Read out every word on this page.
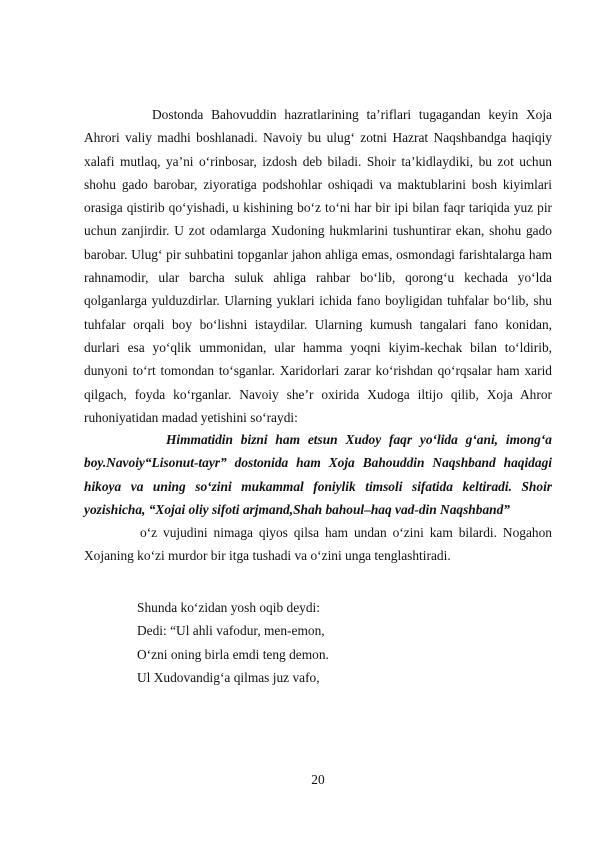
Dostonda Bahovuddin hazratlarining ta’riflari tugagandan keyin Xoja Ahrori valiy madhi boshlanadi. Navoiy bu ulug‘ zotni Hazrat Naqshbandga haqiqiy xalafi mutlaq, ya’ni o‘rinbosar, izdosh deb biladi. Shoir ta’kidlaydiki, bu zot uchun shohu gado barobar, ziyoratiga podshohlar oshiqadi va maktublarini bosh kiyimlari orasiga qistirib qo‘yishadi, u kishining bo‘z to‘ni har bir ipi bilan faqr tariqida yuz pir uchun zanjirdir. U zot odamlarga Xudoning hukmlarini tushuntirar ekan, shohu gado barobar. Ulug‘ pir suhbatini topganlar jahon ahliga emas, osmondagi farishtalarga ham rahnamodir, ular barcha suluk ahliga rahbar bo‘lib, qorong‘u kechada yo‘lda qolganlarga yulduzdirlar. Ularning yuklari ichida fano boyligidan tuhfalar bo‘lib, shu tuhfalar orqali boy bo‘lishni istaydilar. Ularning kumush tangalari fano konidan, durlari esa yo‘qlik ummonidan, ular hamma yoqni kiyim-kechak bilan to‘ldirib, dunyoni to‘rt tomondan to‘sganlar. Xaridorlari zarar ko‘rishdan qo‘rqsalar ham xarid qilgach, foyda ko‘rganlar. Navoiy she’r oxirida Xudoga iltijo qilib, Xoja Ahror ruhoniyatidan madad yetishini so‘raydi:

Himmatidin bizni ham etsun Xudoy faqr yo‘lida g‘ani, imong‘a boy.Navoiy“Lisonut-tayr” dostonida ham Xoja Bahouddin Naqshband haqidagi hikoya va uning so‘zini mukammal foniylik timsoli sifatida keltiradi. Shoir yozishicha, “Xojai oliy sifoti arjmand,Shah bahoul–haq vad-din Naqshband”

o‘z vujudini nimaga qiyos qilsa ham undan o‘zini kam bilardi. Nogahon Xojaning ko‘zi murdor bir itga tushadi va o‘zini unga tenglashtiradi.

Shunda ko‘zidan yosh oqib deydi:
Dedi: “Ul ahli vafodur, men-emon,
O‘zni oning birla emdi teng demon.
Ul Xudovandig‘a qilmas juz vafo,
20
